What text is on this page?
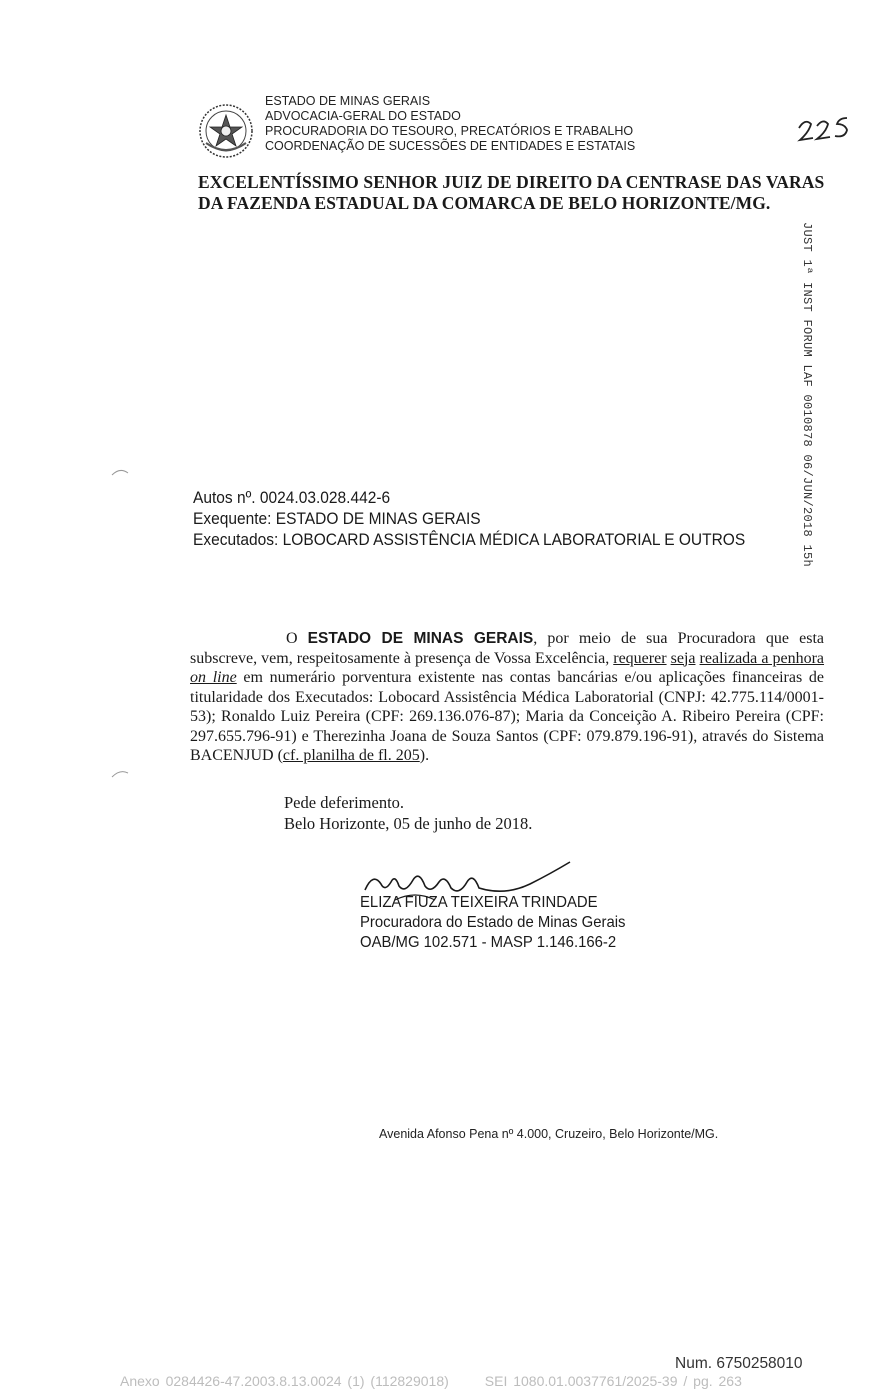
ESTADO DE MINAS GERAIS
ADVOCACIA-GERAL DO ESTADO
PROCURADORIA DO TESOURO, PRECATÓRIOS E TRABALHO
COORDENAÇÃO DE SUCESSÕES DE ENTIDADES E ESTATAIS
EXCELENTÍSSIMO SENHOR JUIZ DE DIREITO DA CENTRASE DAS VARAS
DA FAZENDA ESTADUAL DA COMARCA DE BELO HORIZONTE/MG.
JUST 1ª INST FORUM LAF 0010878 06/JUN/2018 15h
Autos nº. 0024.03.028.442-6
Exequente: ESTADO DE MINAS GERAIS
Executados: LOBOCARD ASSISTÊNCIA MÉDICA LABORATORIAL E OUTROS
O ESTADO DE MINAS GERAIS, por meio de sua Procuradora que esta subscreve, vem, respeitosamente à presença de Vossa Excelência, requerer seja realizada a penhora on line em numerário porventura existente nas contas bancárias e/ou aplicações financeiras de titularidade dos Executados: Lobocard Assistência Médica Laboratorial (CNPJ: 42.775.114/0001-53); Ronaldo Luiz Pereira (CPF: 269.136.076-87); Maria da Conceição A. Ribeiro Pereira (CPF: 297.655.796-91) e Therezinha Joana de Souza Santos (CPF: 079.879.196-91), através do Sistema BACENJUD (cf. planilha de fl. 205).
Pede deferimento.
Belo Horizonte, 05 de junho de 2018.
ELIZA FIUZA TEIXEIRA TRINDADE
Procuradora do Estado de Minas Gerais
OAB/MG 102.571 - MASP 1.146.166-2
Avenida Afonso Pena nº 4.000, Cruzeiro, Belo Horizonte/MG.
Num. 6750258010
Anexo 0284426-47.2003.8.13.0024 (1) (112829018)	SEI 1080.01.0037761/2025-39 / pg. 263
